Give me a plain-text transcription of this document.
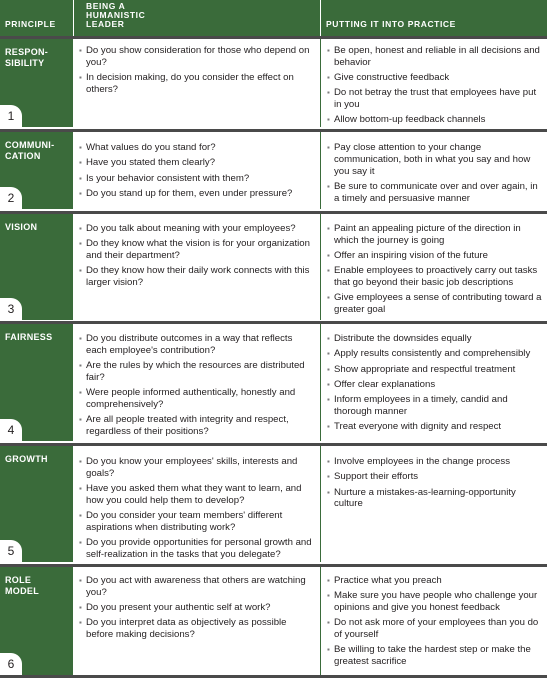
PRINCIPLE
BEING A
HUMANISTIC
LEADER	PUTTING IT INTO PRACTICE
RESPON-
SIBILITY
1
▪ Do you show consideration for those who depend on you?
▪ In decision making, do you consider the effect on others?
▪ Be open, honest and reliable in all decisions and behavior
▪ Give constructive feedback
▪ Do not betray the trust that employees have put in you
▪ Allow bottom-up feedback channels
COMMUNI-
CATION
2
▪ What values do you stand for?
▪ Have you stated them clearly?
▪ Is your behavior consistent with them?
▪ Do you stand up for them, even under pressure?
▪ Pay close attention to your change communication, both in what you say and how you say it
▪ Be sure to communicate over and over again, in a timely and persuasive manner
VISION
3
▪ Do you talk about meaning with your employees?
▪ Do they know what the vision is for your organization and their department?
▪ Do they know how their daily work connects with this larger vision?
▪ Paint an appealing picture of the direction in which the journey is going
▪ Offer an inspiring vision of the future
▪ Enable employees to proactively carry out tasks that go beyond their basic job descriptions
▪ Give employees a sense of contributing toward a greater goal
FAIRNESS
4
▪ Do you distribute outcomes in a way that reflects each employee's contribution?
▪ Are the rules by which the resources are distributed fair?
▪ Were people informed authentically, honestly and comprehensively?
▪ Are all people treated with integrity and respect, regardless of their positions?
▪ Distribute the downsides equally
▪ Apply results consistently and comprehensibly
▪ Show appropriate and respectful treatment
▪ Offer clear explanations
▪ Inform employees in a timely, candid and thorough manner
▪ Treat everyone with dignity and respect
GROWTH
5
▪ Do you know your employees' skills, interests and goals?
▪ Have you asked them what they want to learn, and how you could help them to develop?
▪ Do you consider your team members' different aspirations when distributing work?
▪ Do you provide opportunities for personal growth and self-realization in the tasks that you delegate?
▪ Involve employees in the change process
▪ Support their efforts
▪ Nurture a mistakes-as-learning-opportunity culture
ROLE
MODEL
6
▪ Do you act with awareness that others are watching you?
▪ Do you present your authentic self at work?
▪ Do you interpret data as objectively as possible before making decisions?
▪ Practice what you preach
▪ Make sure you have people who challenge your opinions and give you honest feedback
▪ Do not ask more of your employees than you do of yourself
▪ Be willing to take the hardest step or make the greatest sacrifice
